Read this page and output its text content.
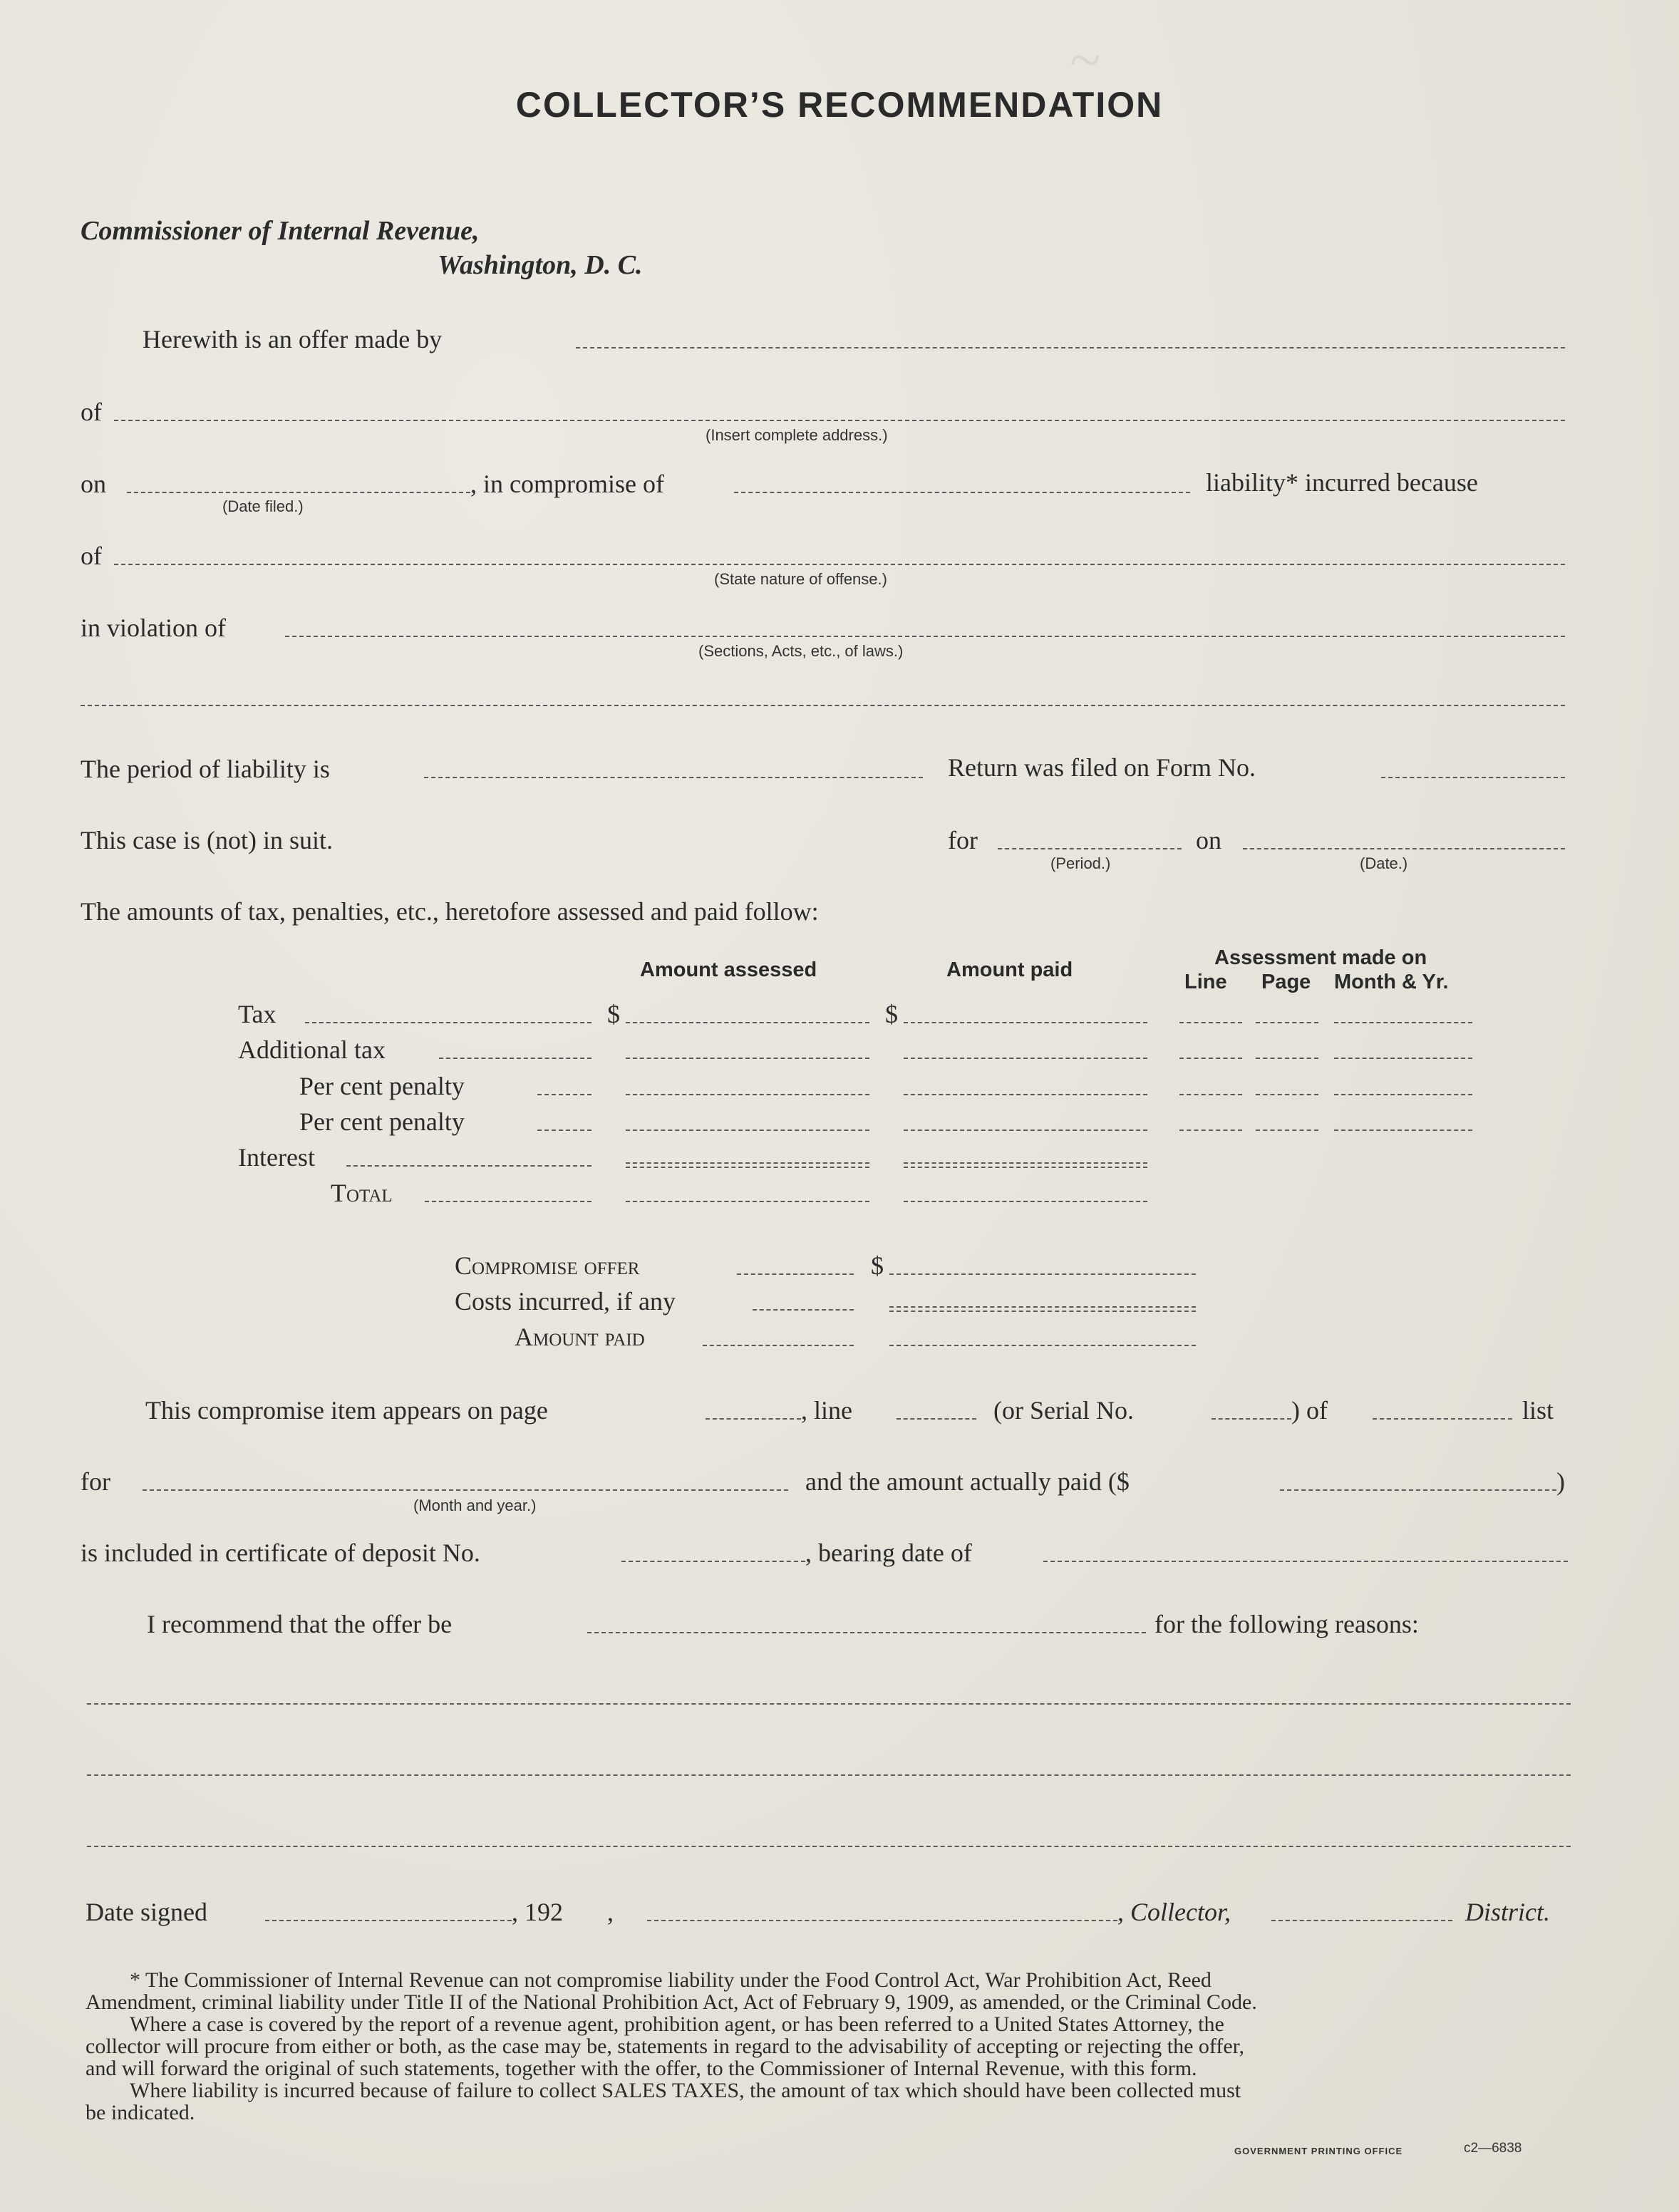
~
COLLECTOR’S RECOMMENDATION
Commissioner of Internal Revenue,
Washington, D. C.
Herewith is an offer made by
of
(Insert complete address.)
on
(Date filed.)
, in compromise of	liability* incurred because
of
(State nature of offense.)
in violation of
(Sections, Acts, etc., of laws.)
The period of liability is	Return was filed on Form No.
This case is (not) in suit.	for
(Period.)
on
(Date.)
The amounts of tax, penalties, etc., heretofore assessed and paid follow:
Amount assessed	Amount paid
Assessment made on
Line Page Month & Yr.
Tax	$	$
Additional tax
Per cent penalty
Per cent penalty
Interest
Total
Compromise offer	$
Costs incurred, if any
Amount paid
This compromise item appears on page	, line	(or Serial No.	) of	list
for
(Month and year.)
and the amount actually paid ($	)
is included in certificate of deposit No.	, bearing date of
I recommend that the offer be	for the following reasons:
Date signed	, 192 ,	, Collector,	District.
* The Commissioner of Internal Revenue can not compromise liability under the Food Control Act, War Prohibition Act, Reed
Amendment, criminal liability under Title II of the National Prohibition Act, Act of February 9, 1909, as amended, or the Criminal Code.
Where a case is covered by the report of a revenue agent, prohibition agent, or has been referred to a United States Attorney, the
collector will procure from either or both, as the case may be, statements in regard to the advisability of accepting or rejecting the offer,
and will forward the original of such statements, together with the offer, to the Commissioner of Internal Revenue, with this form.
Where liability is incurred because of failure to collect SALES TAXES, the amount of tax which should have been collected must
be indicated.
GOVERNMENT PRINTING OFFICE	c2—6838
